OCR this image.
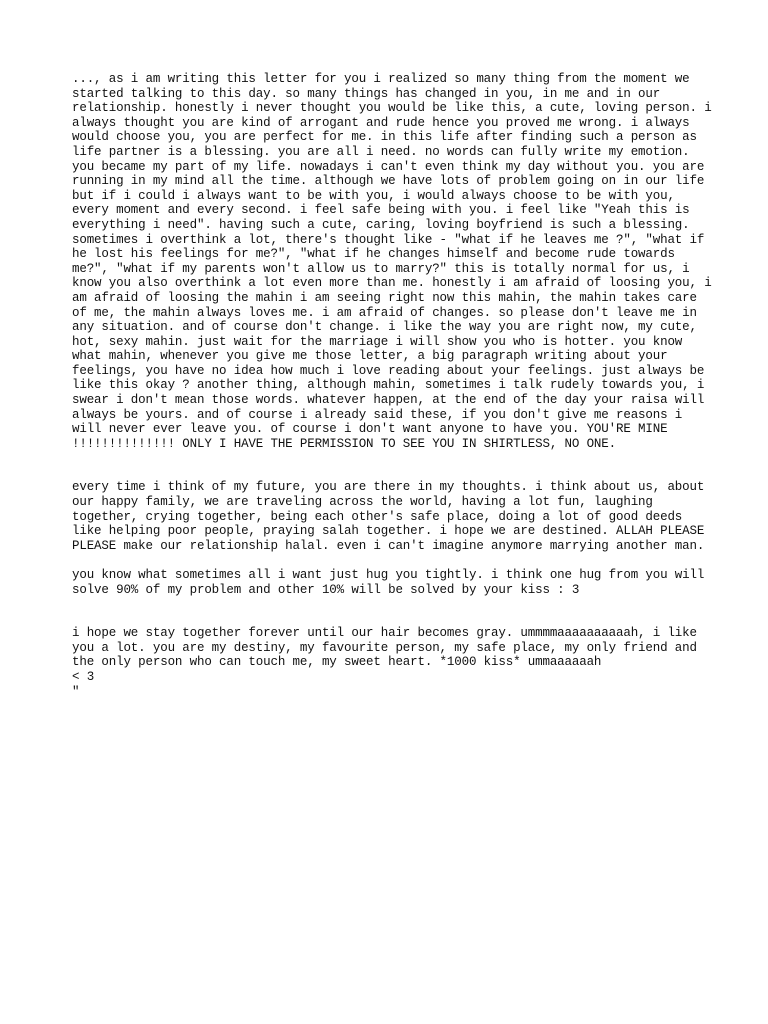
..., as i am writing this letter for you i realized so many thing from the moment we started talking to this day. so many things has changed in you, in me and in our relationship. honestly i never thought you would be like this, a cute, loving person. i always thought you are kind of arrogant and rude hence you proved me wrong. i always would choose you, you are perfect for me. in this life after finding such a person as life partner is a blessing. you are all i need. no words can fully write my emotion. you became my part of my life. nowadays i can't even think my day without you. you are running in my mind all the time. although we have lots of problem going on in our life but if i could i always want to be with you, i would always choose to be with you, every moment and every second. i feel safe being with you. i feel like "Yeah this is everything i need". having such a cute, caring, loving boyfriend is such a blessing. sometimes i overthink a lot, there's thought like - "what if he leaves me ?", "what if he lost his feelings for me?", "what if he changes himself and become rude towards me?", "what if my parents won't allow us to marry?" this is totally normal for us, i know you also overthink a lot even more than me. honestly i am afraid of loosing you, i am afraid of loosing the mahin i am seeing right now this mahin, the mahin takes care of me, the mahin always loves me. i am afraid of changes. so please don't leave me in any situation. and of course don't change. i like the way you are right now, my cute, hot, sexy mahin. just wait for the marriage i will show you who is hotter. you know what mahin, whenever you give me those letter, a big paragraph writing about your feelings, you have no idea how much i love reading about your feelings. just always be like this okay ? another thing, although mahin, sometimes i talk rudely towards you, i swear i don't mean those words. whatever happen, at the end of the day your raisa will always be yours. and of course i already said these, if you don't give me reasons i will never ever leave you. of course i don't want anyone to have you. YOU'RE MINE !!!!!!!!!!!!!! ONLY I HAVE THE PERMISSION TO SEE YOU IN SHIRTLESS, NO ONE.

every time i think of my future, you are there in my thoughts. i think about us, about our happy family, we are traveling across the world, having a lot fun, laughing together, crying together, being each other's safe place, doing a lot of good deeds like helping poor people, praying salah together. i hope we are destined. ALLAH PLEASE PLEASE make our relationship halal. even i can't imagine anymore marrying another man.

you know what sometimes all i want just hug you tightly. i think one hug from you will solve 90% of my problem and other 10% will be solved by your kiss : 3

i hope we stay together forever until our hair becomes gray. ummmmaaaaaaaaaah, i like you a lot. you are my destiny, my favourite person, my safe place, my only friend and the only person who can touch me, my sweet heart. *1000 kiss* ummaaaaaah
< 3
"
